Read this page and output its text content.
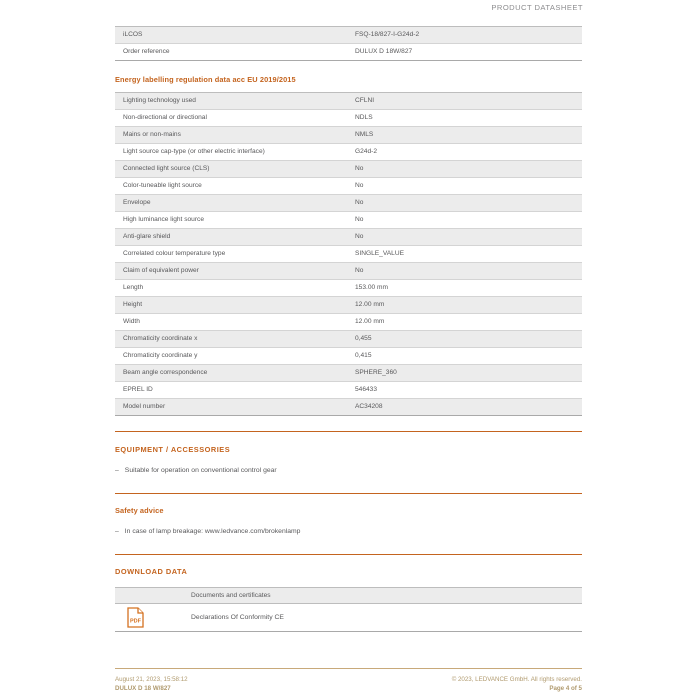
PRODUCT DATASHEET
iLCOS	FSQ-18/827-I-G24d-2
Order reference	DULUX D 18W/827
Energy labelling regulation data acc EU 2019/2015
Lighting technology used	CFLNI
Non-directional or directional	NDLS
Mains or non-mains	NMLS
Light source cap-type (or other electric interface)	G24d-2
Connected light source (CLS)	No
Color-tuneable light source	No
Envelope	No
High luminance light source	No
Anti-glare shield	No
Correlated colour temperature type	SINGLE_VALUE
Claim of equivalent power	No
Length	153.00 mm
Height	12.00 mm
Width	12.00 mm
Chromaticity coordinate x	0,455
Chromaticity coordinate y	0,415
Beam angle correspondence	SPHERE_360
EPREL ID	546433
Model number	AC34208
EQUIPMENT / ACCESSORIES
– Suitable for operation on conventional control gear
Safety advice
– In case of lamp breakage: www.ledvance.com/brokenlamp
DOWNLOAD DATA
	Documents and certificates

PDF	Declarations Of Conformity CE
August 21, 2023, 15:58:12
DULUX D 18 W/827
© 2023, LEDVANCE GmbH. All rights reserved.
Page 4 of 5
